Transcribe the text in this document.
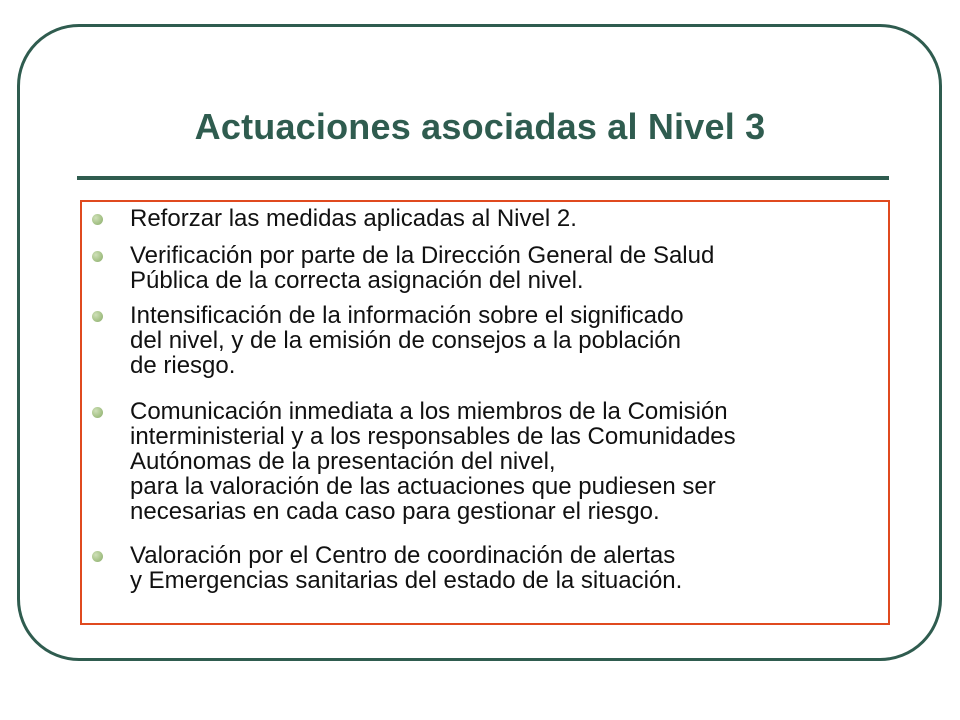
Actuaciones asociadas al Nivel 3
Reforzar las medidas aplicadas al Nivel 2.
Verificación por parte de la Dirección General de Salud
Pública de la correcta asignación del nivel.
Intensificación de la información sobre el significado
del nivel, y de la emisión de consejos a la población
de riesgo.
Comunicación inmediata a los miembros de la Comisión
interministerial y a los responsables de las Comunidades
Autónomas de la presentación del nivel,
para la valoración de las actuaciones que pudiesen ser
necesarias en cada caso para gestionar el riesgo.
Valoración por el Centro de coordinación de alertas
y Emergencias sanitarias del estado de la situación.
